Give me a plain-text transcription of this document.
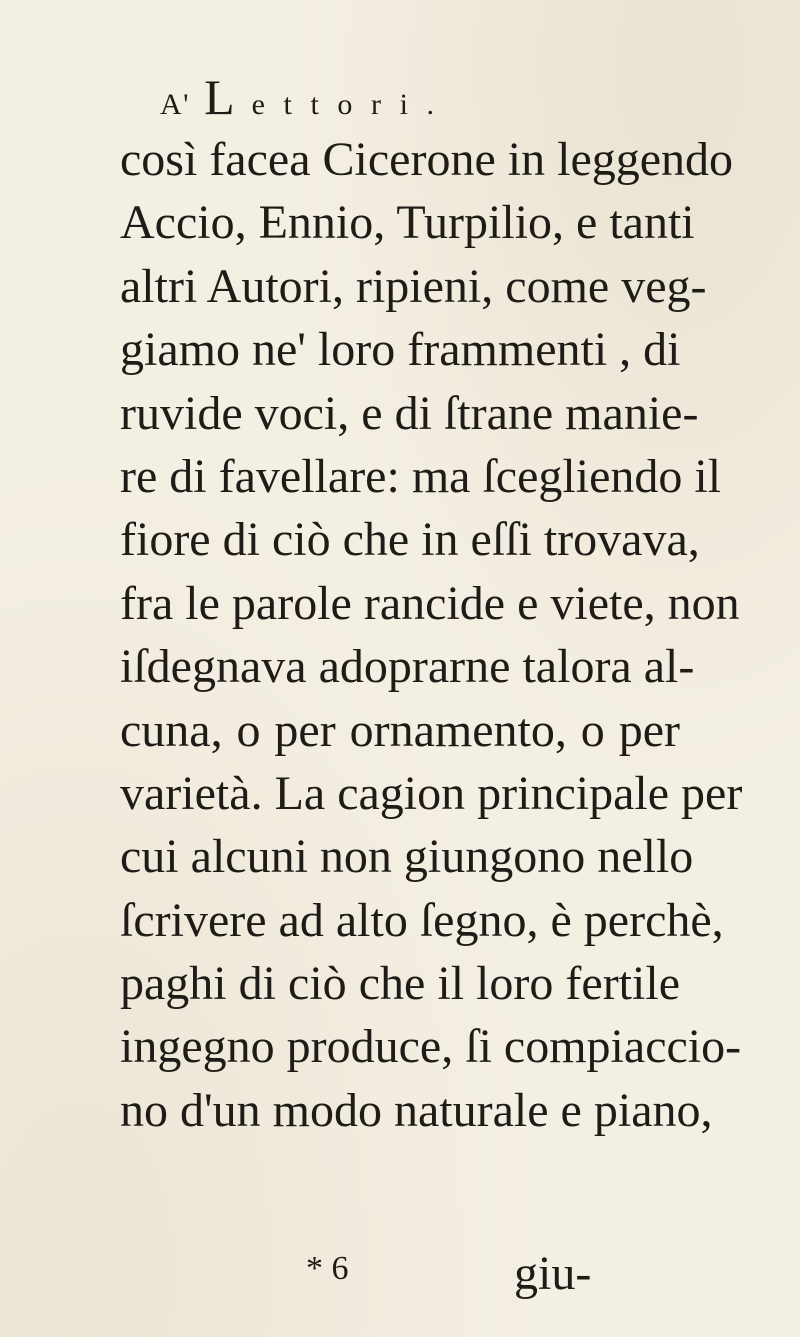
A' Lettori.
così facea Cicerone in leggendo
Accio, Ennio, Turpilio, e tanti
altri Autori, ripieni, come veg-
giamo ne' loro frammenti , di
ruvide voci, e di ſtrane manie-
re di favellare: ma ſcegliendo il
fiore di ciò che in eſſi trovava,
fra le parole rancide e viete, non
iſdegnava adoprarne talora al-
cuna, o per ornamento, o per
varietà. La cagion principale per
cui alcuni non giungono nello
ſcrivere ad alto ſegno, è perchè,
paghi di ciò che il loro fertile
ingegno produce, ſi compiaccio-
no d'un modo naturale e piano,
* 6	giu-
